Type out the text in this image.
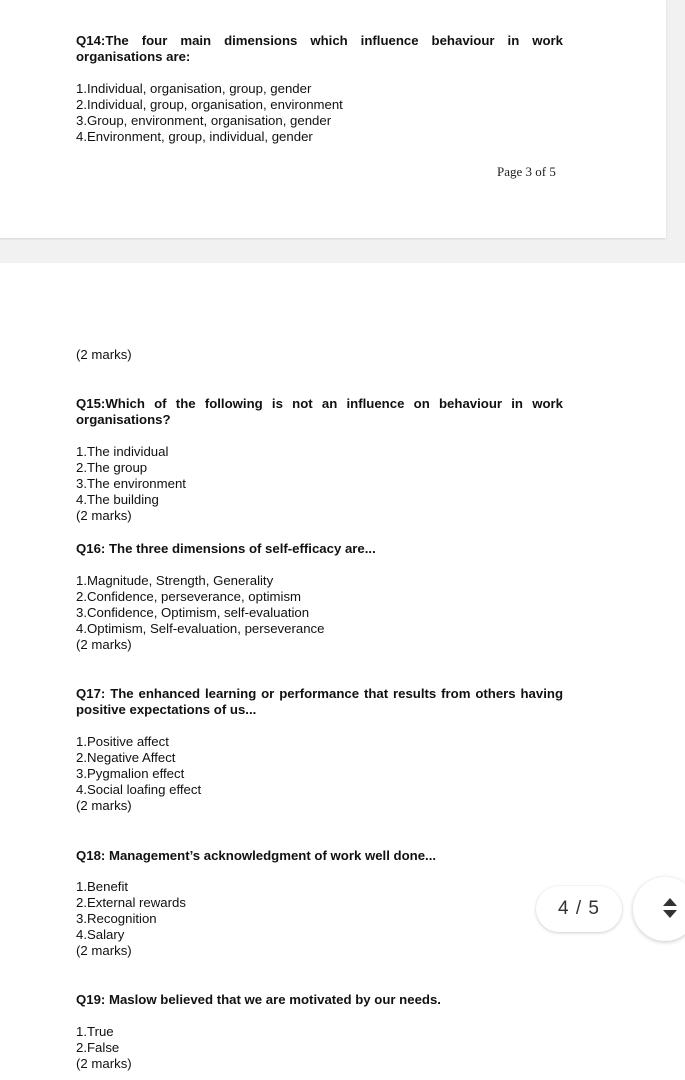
Q14:The four main dimensions which influence behaviour in work organisations are:
1.Individual, organisation, group, gender
2.Individual, group, organisation, environment
3.Group, environment, organisation, gender
4.Environment, group, individual, gender
Page 3 of 5
(2 marks)
Q15:Which of the following is not an influence on behaviour in work organisations?
1.The individual
2.The group
3.The environment
4.The building
(2 marks)
Q16: The three dimensions of self-efficacy are...
1.Magnitude, Strength, Generality
2.Confidence, perseverance, optimism
3.Confidence, Optimism, self-evaluation
4.Optimism, Self-evaluation, perseverance
(2 marks)
Q17: The enhanced learning or performance that results from others having positive expectations of us...
1.Positive affect
2.Negative Affect
3.Pygmalion effect
4.Social loafing effect
(2 marks)
Q18: Management’s acknowledgment of work well done...
1.Benefit
2.External rewards
3.Recognition
4.Salary
(2 marks)
Q19: Maslow believed that we are motivated by our needs.
1.True
2.False
(2 marks)
4 / 5
